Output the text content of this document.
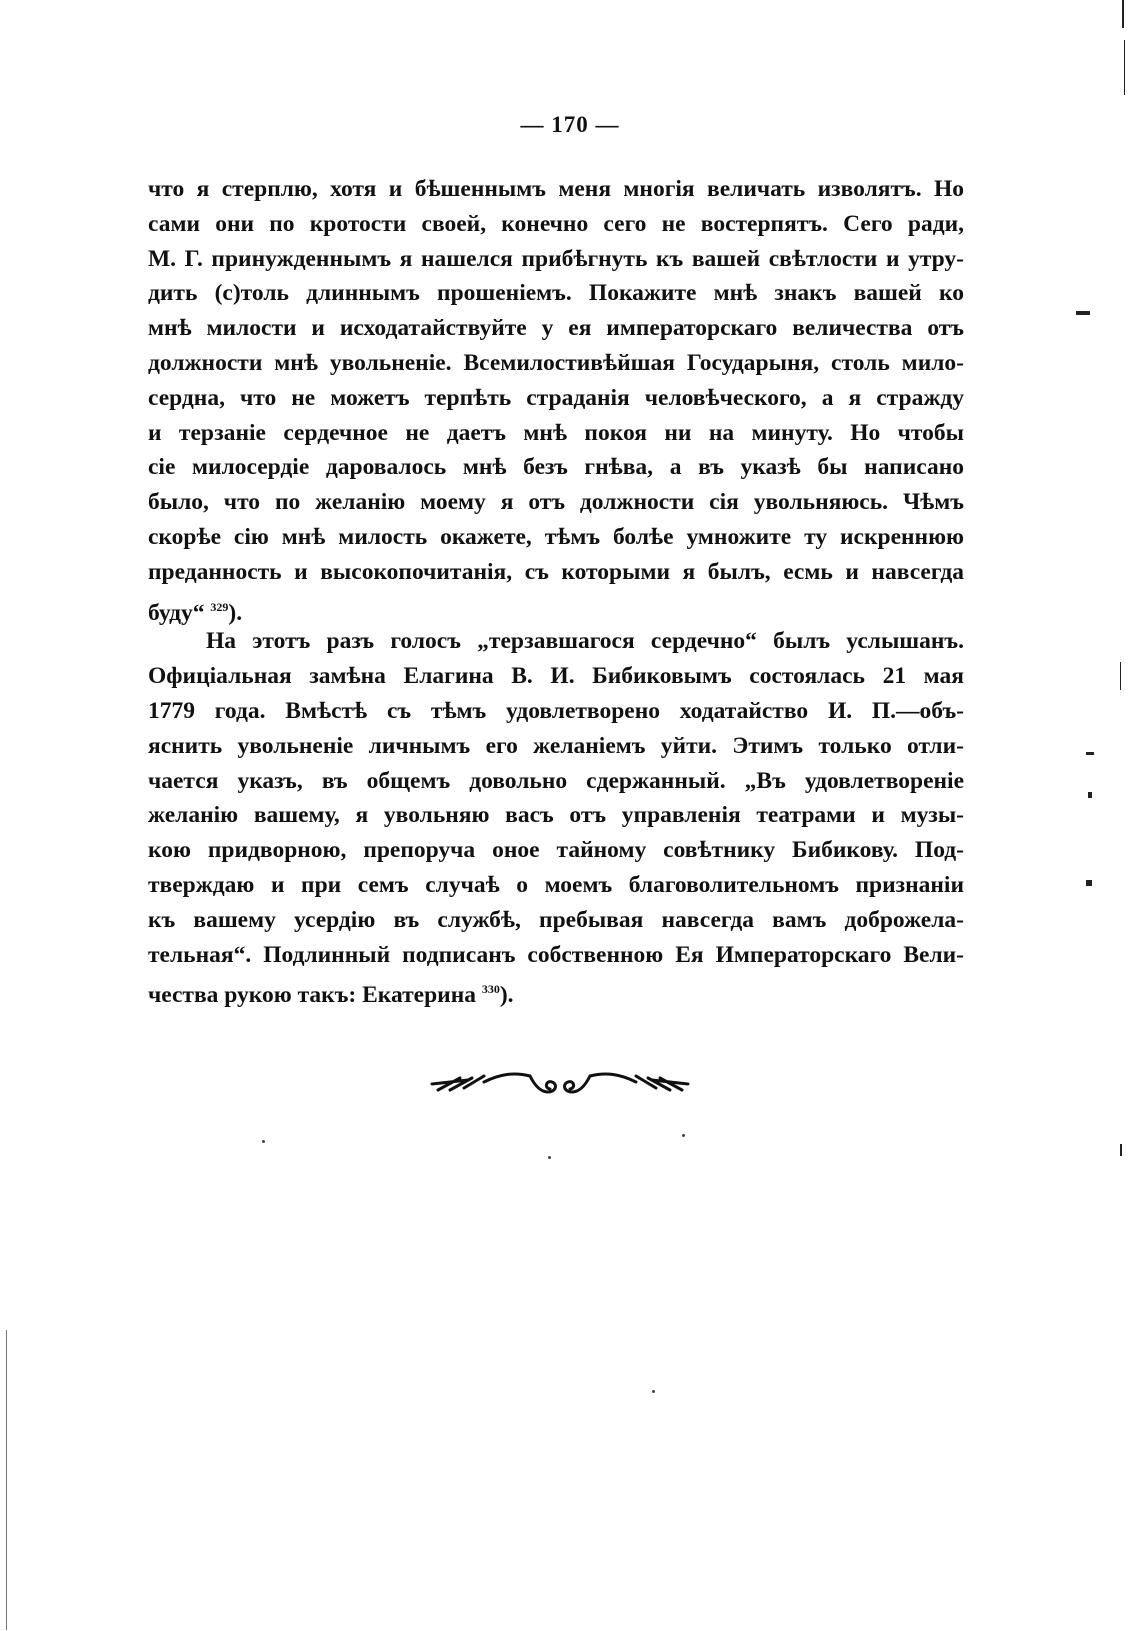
— 170 —
что я стерплю, хотя и бѣшеннымъ меня многія величать изволятъ. Но
сами они по кротости своей, конечно сего не востерпятъ. Сего ради,
М. Г. принужденнымъ я нашелся прибѣгнуть къ вашей свѣтлости и утру-
дить (с)толь длиннымъ прошеніемъ. Покажите мнѣ знакъ вашей ко
мнѣ милости и исходатайствуйте у ея императорскаго величества отъ
должности мнѣ увольненіе. Всемилостивѣйшая Государыня, столь мило-
сердна, что не можетъ терпѣть страданія человѣческого, а я стражду
и терзаніе сердечное не даетъ мнѣ покоя ни на минуту. Но чтобы
сіе милосердіе даровалось мнѣ безъ гнѣва, а въ указѣ бы написано
было, что по желанію моему я отъ должности сія увольняюсь. Чѣмъ
скорѣе сію мнѣ милость окажете, тѣмъ болѣе умножите ту искреннюю
преданность и высокопочитанія, съ которыми я былъ, есмь и навсегда
буду“ $^{329}$).
На этотъ разъ голосъ „терзавшагося сердечно“ былъ услышанъ.
Офиціальная замѣна Елагина В. И. Бибиковымъ состоялась 21 мая
1779 года. Вмѣстѣ съ тѣмъ удовлетворено ходатайство И. П.—объ-
яснить увольненіе личнымъ его желаніемъ уйти. Этимъ только отли-
чается указъ, въ общемъ довольно сдержанный. „Въ удовлетвореніе
желанію вашему, я увольняю васъ отъ управленія театрами и музы-
кою придворною, препоруча оное тайному совѣтнику Бибикову. Под-
тверждаю и при семъ случаѣ о моемъ благоволительномъ признаніи
къ вашему усердію въ службѣ, пребывая навсегда вамъ доброжела-
тельная“. Подлинный подписанъ собственною Ея Императорскаго Вели-
чества рукою такъ: Екатерина $^{330}$).
